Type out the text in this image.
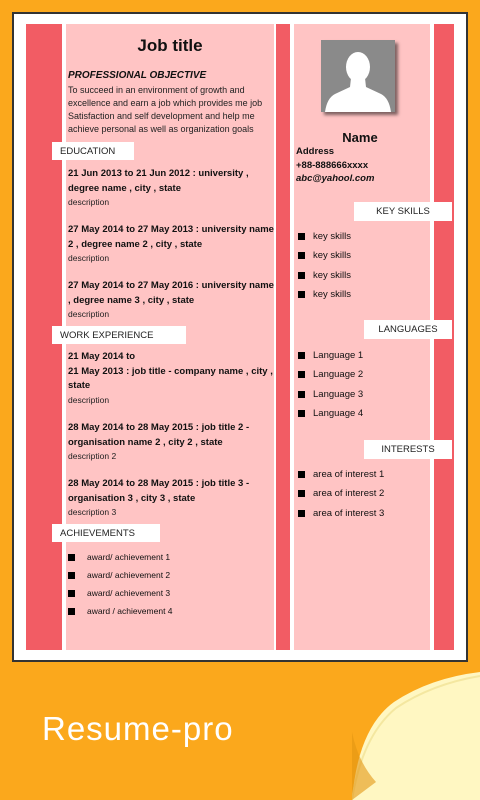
Job title
PROFESSIONAL OBJECTIVE
To succeed in an environment of growth and excellence and earn a job which provides me job Satisfaction and self development and help me achieve personal as well as organization goals
EDUCATION
21 Jun 2013 to 21 Jun 2012 : university , degree name , city , state
description
27 May 2014 to 27 May 2013 : university name 2 , degree name 2 , city , state
description
27 May 2014 to 27 May 2016 : university name , degree name 3 , city , state
description
WORK EXPERIENCE
21 May 2014 to
21 May 2013 : job title - company name , city , state
description
28 May 2014 to 28 May 2015 : job title 2 - organisation name 2 , city 2 , state
description 2
28 May 2014 to 28 May 2015 : job title 3 - organisation 3 , city 3 , state
description 3
ACHIEVEMENTS
award/ achievement 1
award/ achievement 2
award/ achievement 3
award / achievement 4
Name
Address
+88-888666xxxx
abc@yahool.com
KEY SKILLS
key skills
key skills
key skills
key skills
LANGUAGES
Language 1
Language 2
Language 3
Language 4
INTERESTS
area of interest 1
area of interest 2
area of interest 3
Resume-pro
